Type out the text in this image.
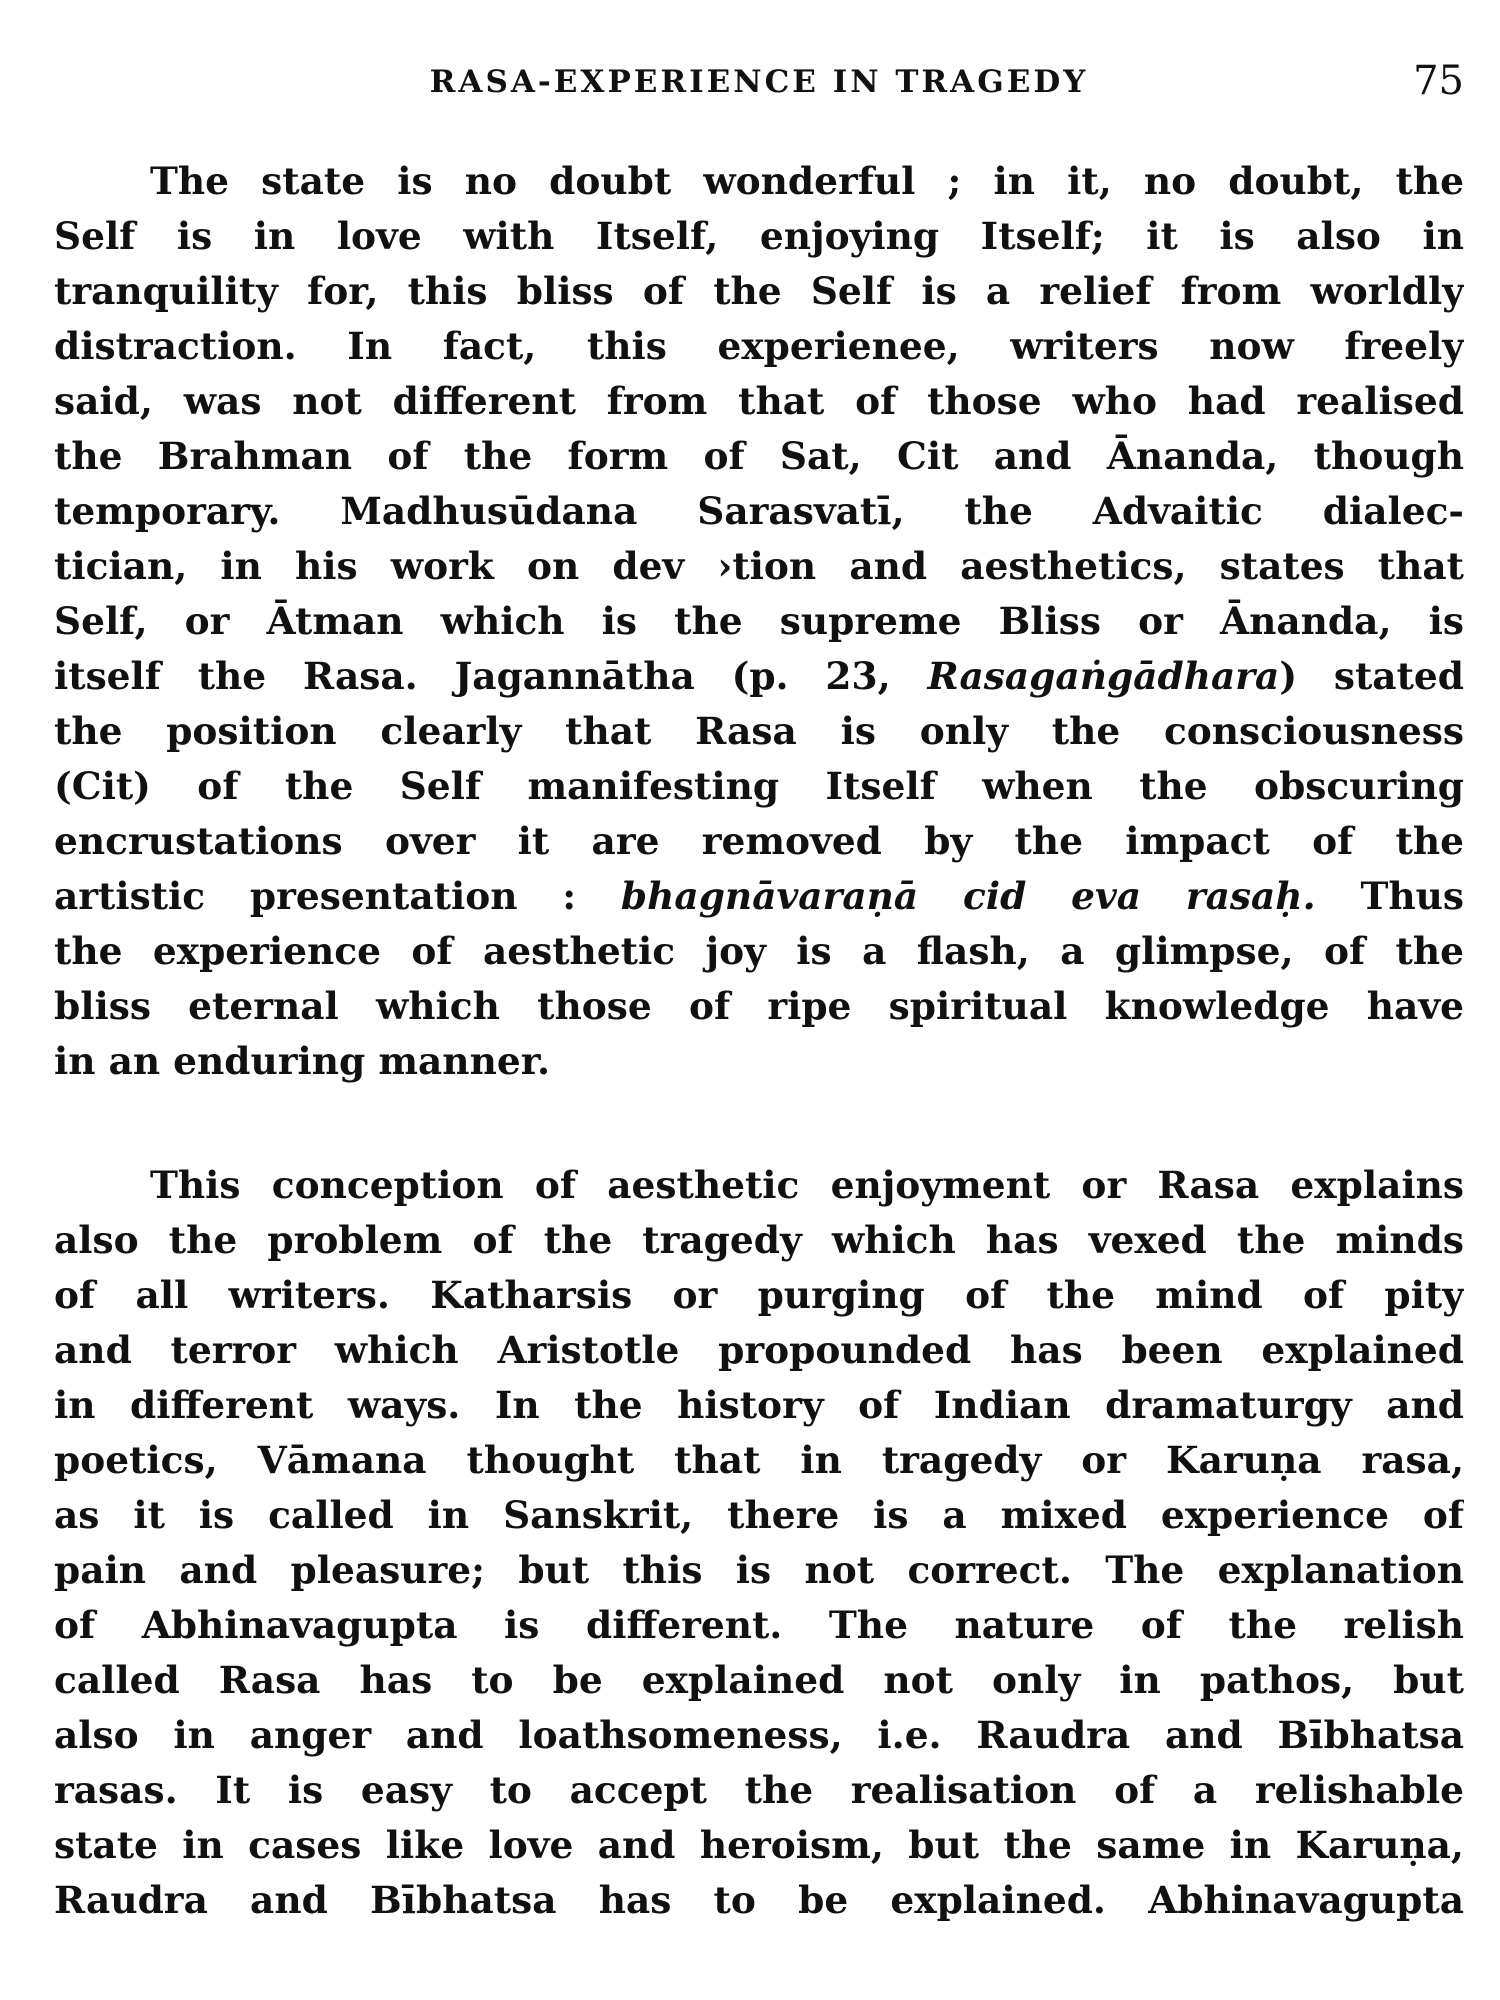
RASA-EXPERIENCE IN TRAGEDY	75
The state is no doubt wonderful ; in it, no doubt, the
Self is in love with Itself, enjoying Itself; it is also in
tranquility for, this bliss of the Self is a relief from worldly
distraction. In fact, this experienee, writers now freely
said, was not different from that of those who had realised
the Brahman of the form of Sat, Cit and Ānanda, though
temporary. Madhusūdana Sarasvatī, the Advaitic dialec-
tician, in his work on dev ›tion and aesthetics, states that
Self, or Ātman which is the supreme Bliss or Ānanda, is
itself the Rasa. Jagannātha (p. 23, Rasagaṅgādhara) stated
the position clearly that Rasa is only the consciousness
(Cit) of the Self manifesting Itself when the obscuring
encrustations over it are removed by the impact of the
artistic presentation : bhagnāvaraṇā cid eva rasaḥ. Thus
the experience of aesthetic joy is a flash, a glimpse, of the
bliss eternal which those of ripe spiritual knowledge have
in an enduring manner.
This conception of aesthetic enjoyment or Rasa explains
also the problem of the tragedy which has vexed the minds
of all writers. Katharsis or purging of the mind of pity
and terror which Aristotle propounded has been explained
in different ways. In the history of Indian dramaturgy and
poetics, Vāmana thought that in tragedy or Karuṇa rasa,
as it is called in Sanskrit, there is a mixed experience of
pain and pleasure; but this is not correct. The explanation
of Abhinavagupta is different. The nature of the relish
called Rasa has to be explained not only in pathos, but
also in anger and loathsomeness, i.e. Raudra and Bībhatsa
rasas. It is easy to accept the realisation of a relishable
state in cases like love and heroism, but the same in Karuṇa,
Raudra and Bībhatsa has to be explained. Abhinavagupta
